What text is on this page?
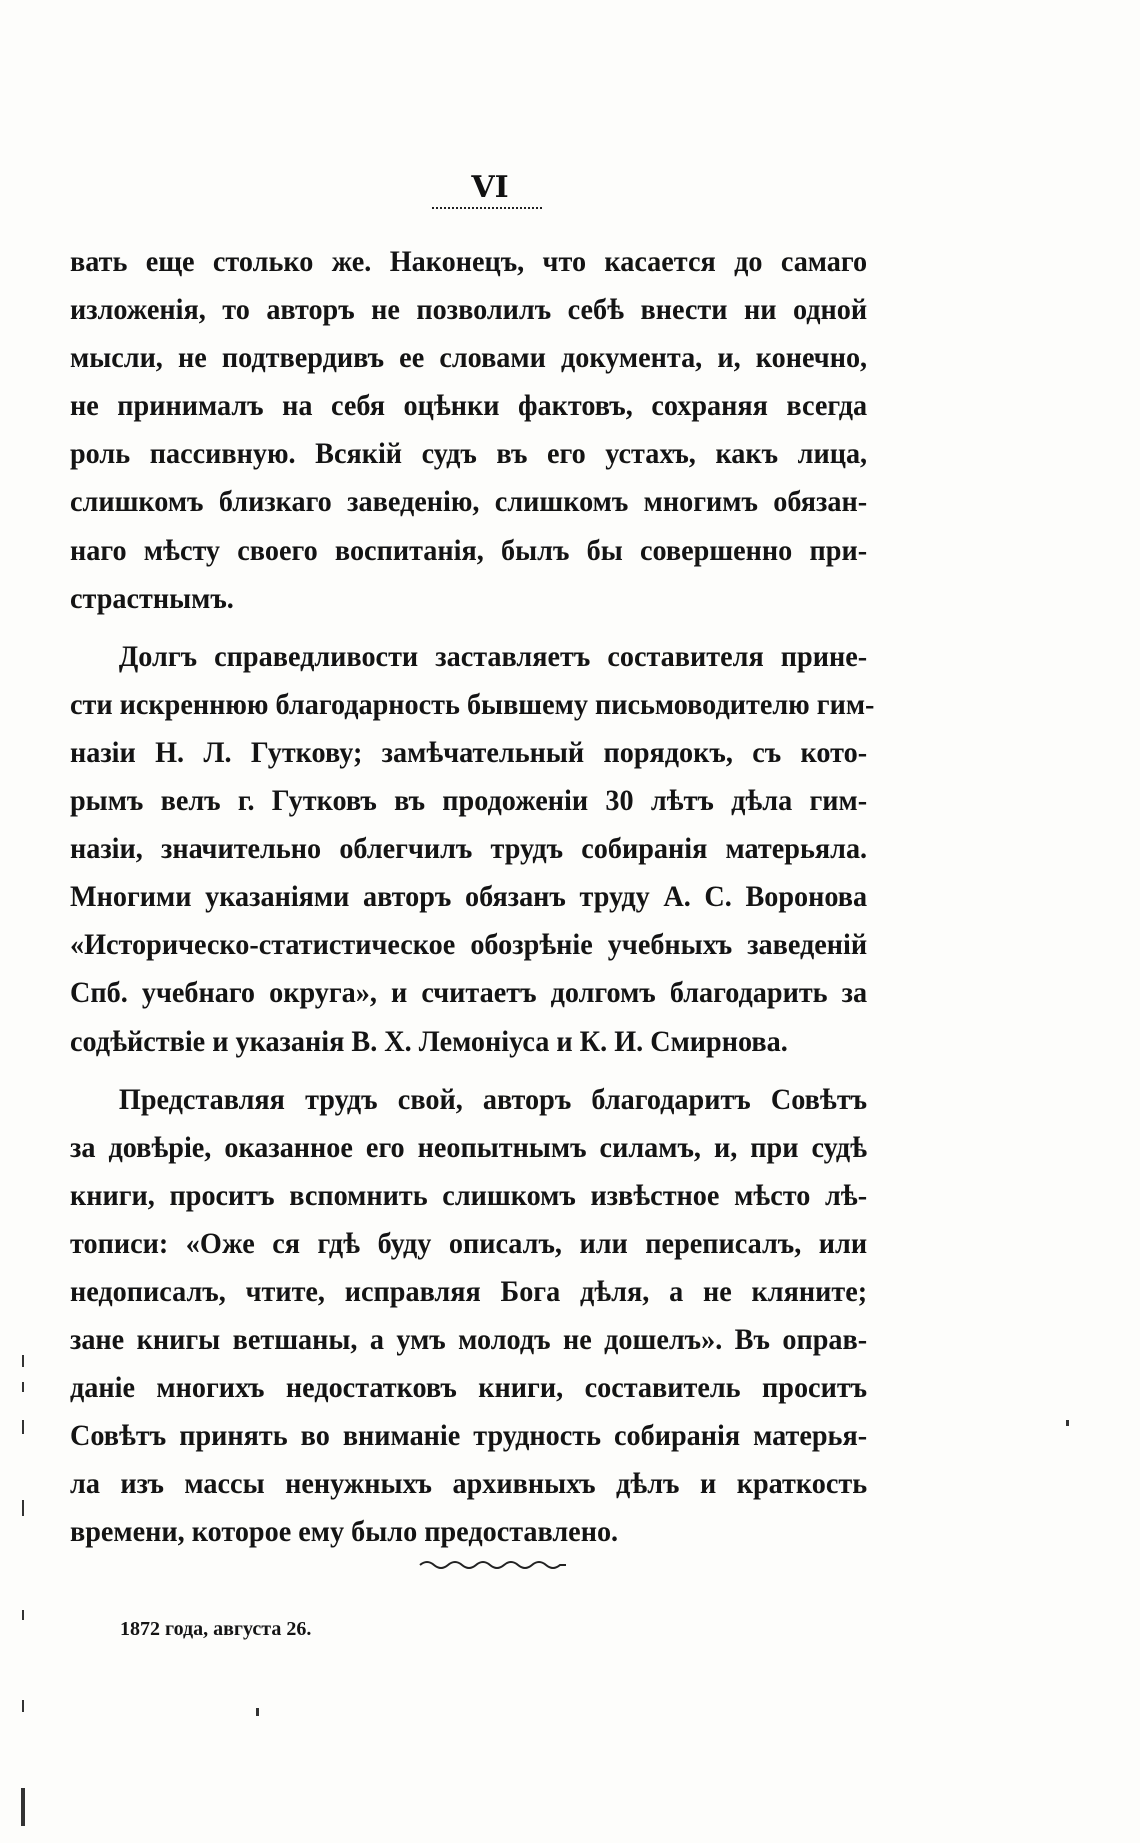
VI
вать еще столько же. Наконецъ, что касается до самаго
изложенія, то авторъ не позволилъ себѣ внести ни одной
мысли, не подтвердивъ ее словами документа, и, конечно,
не принималъ на себя оцѣнки фактовъ, сохраняя всегда
роль пассивную. Всякій судъ въ его устахъ, какъ лица,
слишкомъ близкаго заведенію, слишкомъ многимъ обязан-
наго мѣсту своего воспитанія, былъ бы совершенно при-
страстнымъ.
Долгъ справедливости заставляетъ составителя прине-
сти искреннюю благодарность бывшему письмоводителю гим-
назіи Н. Л. Гуткову; замѣчательный порядокъ, съ кото-
рымъ велъ г. Гутковъ въ продоженіи 30 лѣтъ дѣла гим-
назіи, значительно облегчилъ трудъ собиранія матерьяла.
Многими указаніями авторъ обязанъ труду А. С. Воронова
«Историческо-статистическое обозрѣніе учебныхъ заведеній
Спб. учебнаго округа», и считаетъ долгомъ благодарить за
содѣйствіе и указанія В. Х. Лемоніуса и К. И. Смирнова.
Представляя трудъ свой, авторъ благодаритъ Совѣтъ
за довѣріе, оказанное его неопытнымъ силамъ, и, при судѣ
книги, проситъ вспомнить слишкомъ извѣстное мѣсто лѣ-
тописи: «Оже ся гдѣ буду описалъ, или переписалъ, или
недописалъ, чтите, исправляя Бога дѣля, а не кляните;
зане книгы ветшаны, а умъ молодъ не дошелъ». Въ оправ-
даніе многихъ недостатковъ книги, составитель проситъ
Совѣтъ принять во вниманіе трудность собиранія матерья-
ла изъ массы ненужныхъ архивныхъ дѣлъ и краткость
времени, которое ему было предоставлено.
1872 года, августа 26.
